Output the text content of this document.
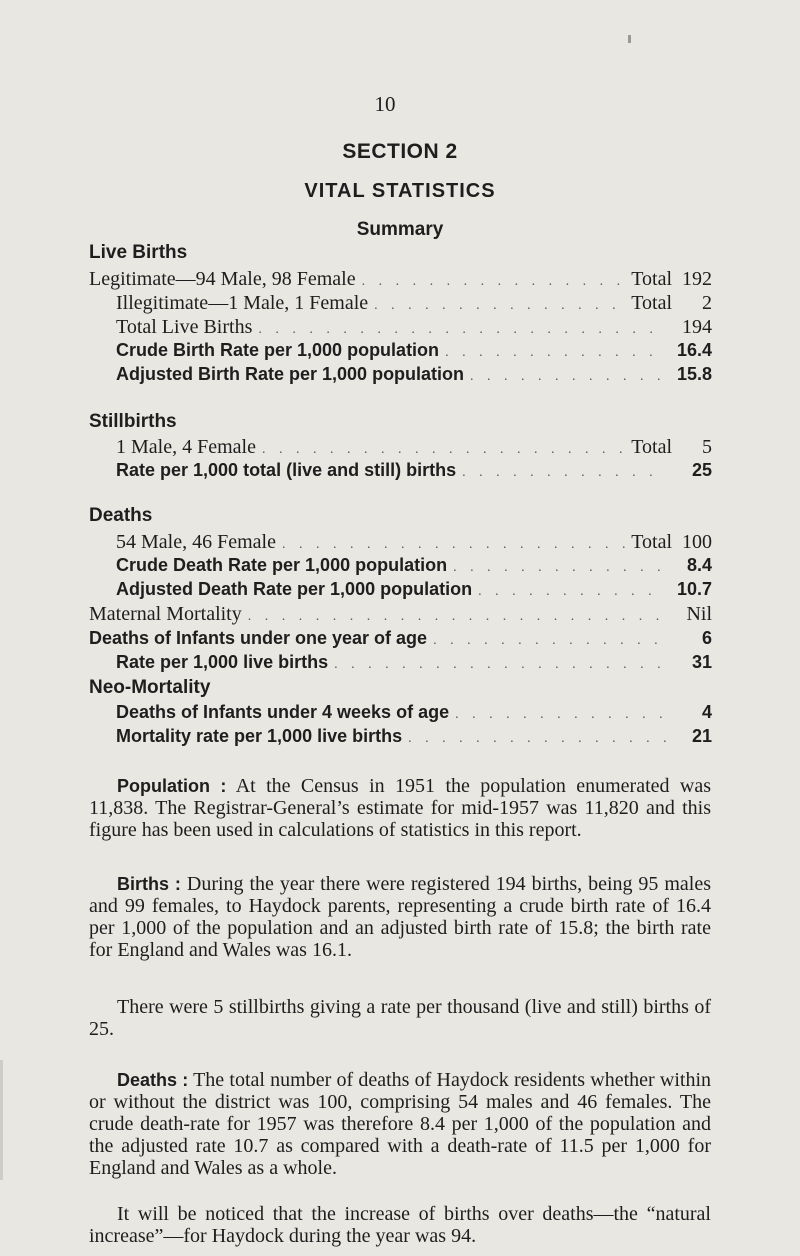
10
SECTION 2
VITAL STATISTICS
Summary
Live Births
Legitimate—94 Male, 98 Female . . .	Total 192
Illegitimate—1 Male, 1 Female . . .	Total	2
Total Live Births . . .	194
Crude Birth Rate per 1,000 population . . .	16.4
Adjusted Birth Rate per 1,000 population . . .	15.8
Stillbirths
1 Male, 4 Female . . .	Total	5
Rate per 1,000 total (live and still) births . . .	25
Deaths
54 Male, 46 Female . . .	Total 100
Crude Death Rate per 1,000 population . . .	8.4
Adjusted Death Rate per 1,000 population . . .	10.7
Maternal Mortality . . .	Nil
Deaths of Infants under one year of age . . .	6
Rate per 1,000 live births . . .	31
Neo-Mortality
Deaths of Infants under 4 weeks of age . . .	4
Mortality rate per 1,000 live births . . .	21

Population : At the Census in 1951 the population enumerated was 11,838. The Registrar-General’s estimate for mid-1957 was 11,820 and this figure has been used in calculations of statistics in this report.

Births : During the year there were registered 194 births, being 95 males and 99 females, to Haydock parents, representing a crude birth rate of 16.4 per 1,000 of the population and an adjusted birth rate of 15.8; the birth rate for England and Wales was 16.1.

There were 5 stillbirths giving a rate per thousand (live and still) births of 25.

Deaths : The total number of deaths of Haydock residents whether within or without the district was 100, comprising 54 males and 46 females. The crude death-rate for 1957 was therefore 8.4 per 1,000 of the population and the adjusted rate 10.7 as compared with a death-rate of 11.5 per 1,000 for England and Wales as a whole.

It will be noticed that the increase of births over deaths—the “natural increase”—for Haydock during the year was 94.
